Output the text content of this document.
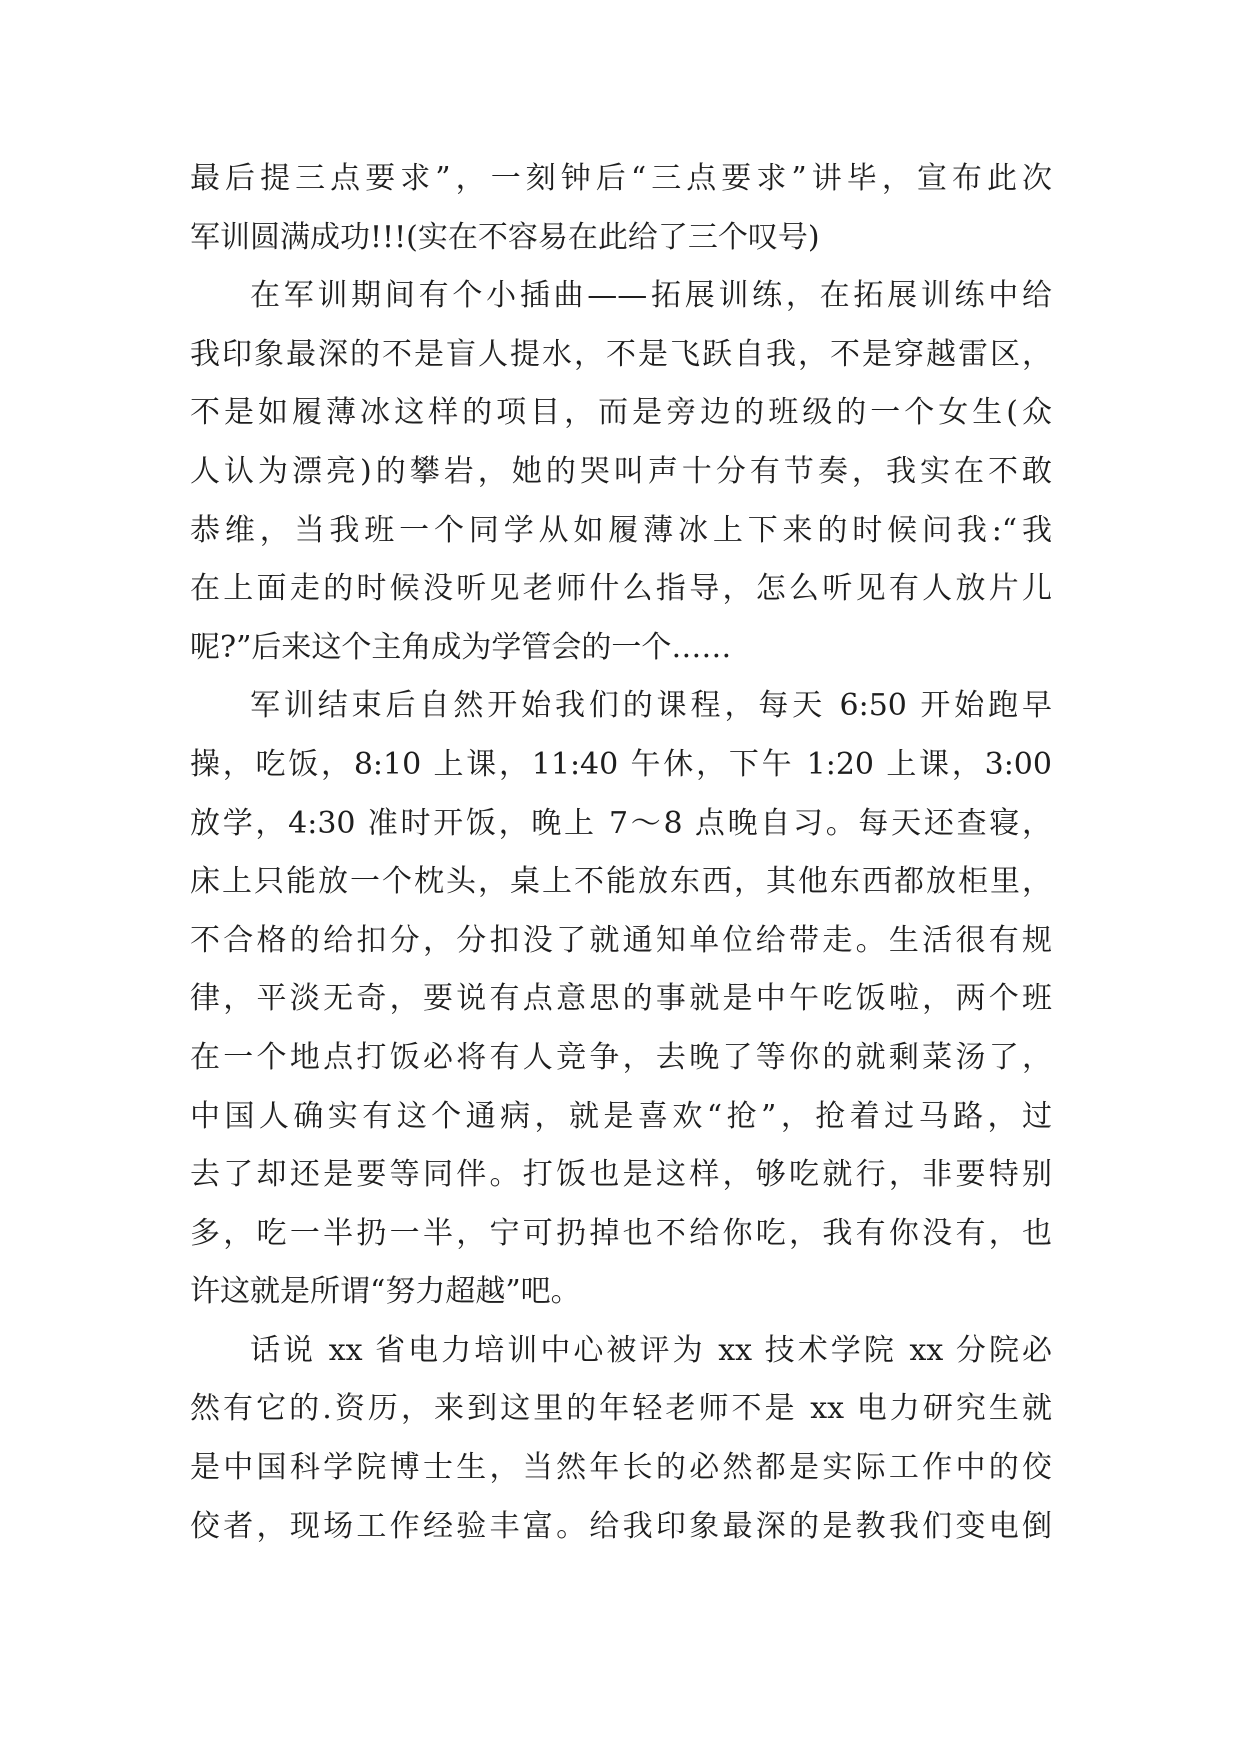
最后提三点要求”，一刻钟后“三点要求”讲毕，宣布此次
军训圆满成功!!!(实在不容易在此给了三个叹号)
在军训期间有个小插曲——拓展训练，在拓展训练中给
我印象最深的不是盲人提水，不是飞跃自我，不是穿越雷区，
不是如履薄冰这样的项目，而是旁边的班级的一个女生(众
人认为漂亮)的攀岩，她的哭叫声十分有节奏，我实在不敢
恭维，当我班一个同学从如履薄冰上下来的时候问我:“我
在上面走的时候没听见老师什么指导，怎么听见有人放片儿
呢?”后来这个主角成为学管会的一个……
军训结束后自然开始我们的课程，每天 6:50 开始跑早
操，吃饭，8:10 上课，11:40 午休，下午 1:20 上课，3:00
放学，4:30 准时开饭，晚上 7～8 点晚自习。每天还查寝，
床上只能放一个枕头，桌上不能放东西，其他东西都放柜里，
不合格的给扣分，分扣没了就通知单位给带走。生活很有规
律，平淡无奇，要说有点意思的事就是中午吃饭啦，两个班
在一个地点打饭必将有人竞争，去晚了等你的就剩菜汤了，
中国人确实有这个通病，就是喜欢“抢”，抢着过马路，过
去了却还是要等同伴。打饭也是这样，够吃就行，非要特别
多，吃一半扔一半，宁可扔掉也不给你吃，我有你没有，也
许这就是所谓“努力超越”吧。
话说 xx 省电力培训中心被评为 xx 技术学院 xx 分院必
然有它的.资历，来到这里的年轻老师不是 xx 电力研究生就
是中国科学院博士生，当然年长的必然都是实际工作中的佼
佼者，现场工作经验丰富。给我印象最深的是教我们变电倒
